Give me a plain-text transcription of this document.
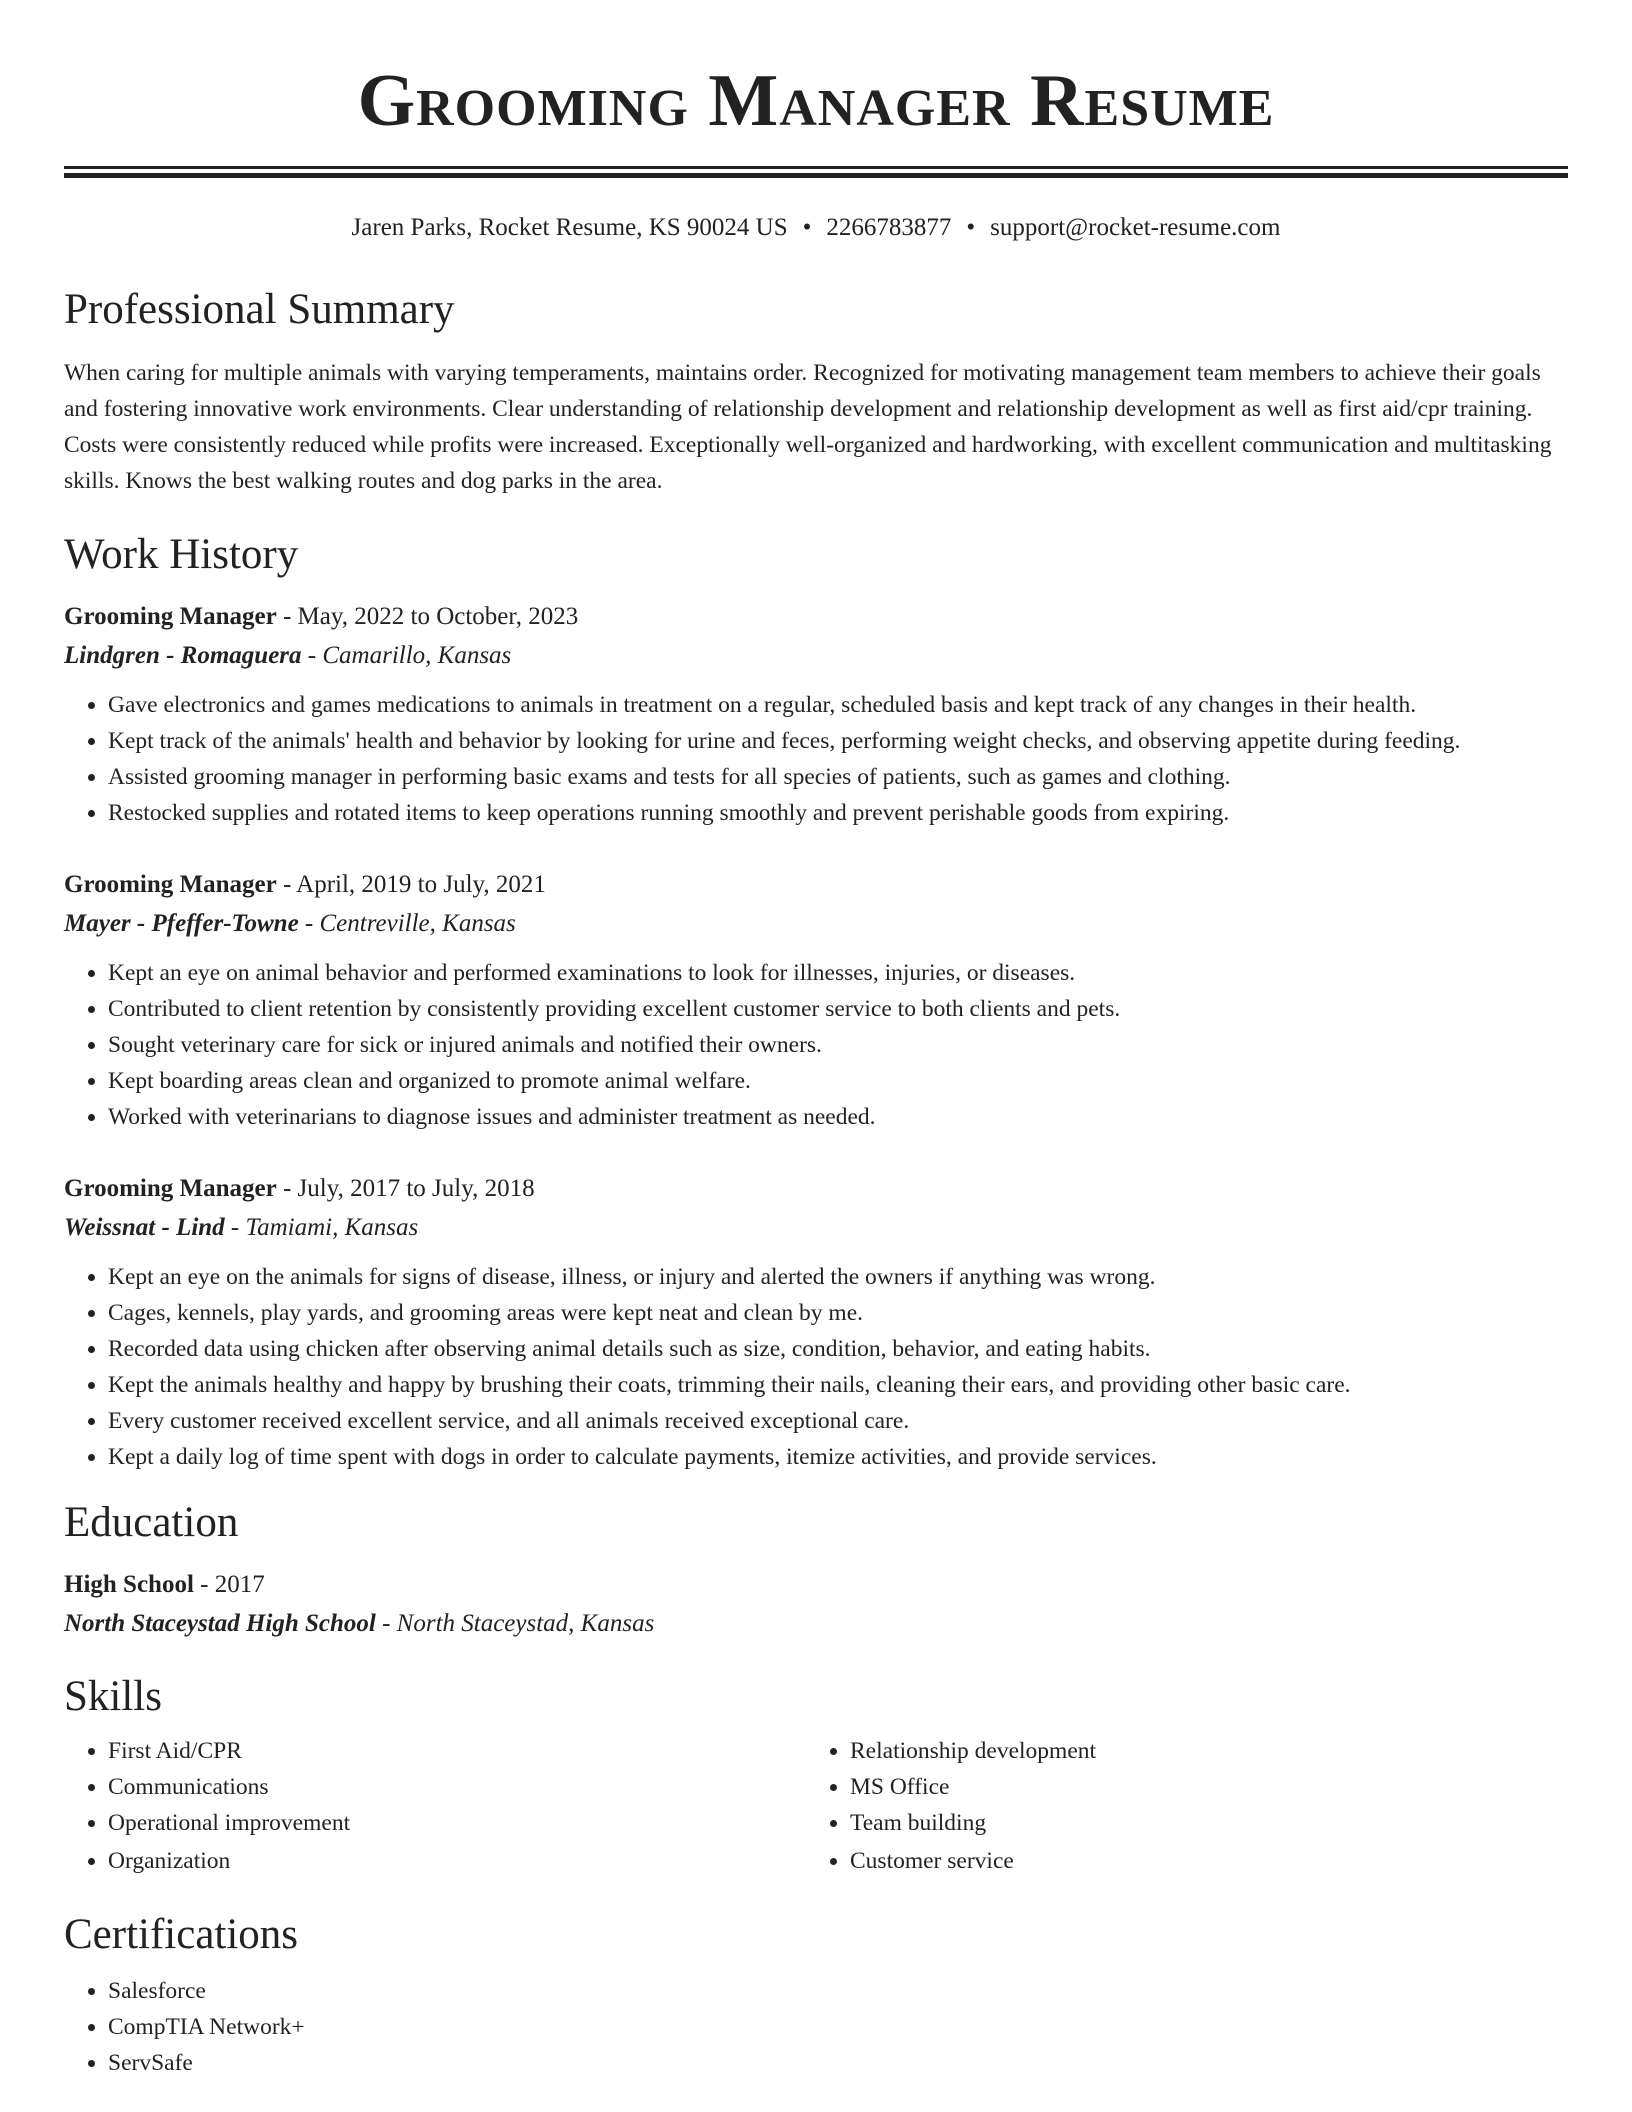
Grooming Manager Resume
Jaren Parks, Rocket Resume, KS 90024 US • 2266783877 • support@rocket-resume.com
Professional Summary

When caring for multiple animals with varying temperaments, maintains order. Recognized for motivating management team members to achieve their goals and fostering innovative work environments. Clear understanding of relationship development and relationship development as well as first aid/cpr training. Costs were consistently reduced while profits were increased. Exceptionally well-organized and hardworking, with excellent communication and multitasking skills. Knows the best walking routes and dog parks in the area.

Work History
Grooming Manager - May, 2022 to October, 2023
Lindgren - Romaguera - Camarillo, Kansas
• Gave electronics and games medications to animals in treatment on a regular, scheduled basis and kept track of any changes in their health.
• Kept track of the animals' health and behavior by looking for urine and feces, performing weight checks, and observing appetite during feeding.
• Assisted grooming manager in performing basic exams and tests for all species of patients, such as games and clothing.
• Restocked supplies and rotated items to keep operations running smoothly and prevent perishable goods from expiring.
Grooming Manager - April, 2019 to July, 2021
Mayer - Pfeffer-Towne - Centreville, Kansas
• Kept an eye on animal behavior and performed examinations to look for illnesses, injuries, or diseases.
• Contributed to client retention by consistently providing excellent customer service to both clients and pets.
• Sought veterinary care for sick or injured animals and notified their owners.
• Kept boarding areas clean and organized to promote animal welfare.
• Worked with veterinarians to diagnose issues and administer treatment as needed.
Grooming Manager - July, 2017 to July, 2018
Weissnat - Lind - Tamiami, Kansas
• Kept an eye on the animals for signs of disease, illness, or injury and alerted the owners if anything was wrong.
• Cages, kennels, play yards, and grooming areas were kept neat and clean by me.
• Recorded data using chicken after observing animal details such as size, condition, behavior, and eating habits.
• Kept the animals healthy and happy by brushing their coats, trimming their nails, cleaning their ears, and providing other basic care.
• Every customer received excellent service, and all animals received exceptional care.
• Kept a daily log of time spent with dogs in order to calculate payments, itemize activities, and provide services.
Education
High School - 2017
North Staceystad High School - North Staceystad, Kansas
Skills
• First Aid/CPR
• Communications
• Operational improvement
• Organization
• Relationship development
• MS Office
• Team building
• Customer service
Certifications
• Salesforce
• CompTIA Network+
• ServSafe
